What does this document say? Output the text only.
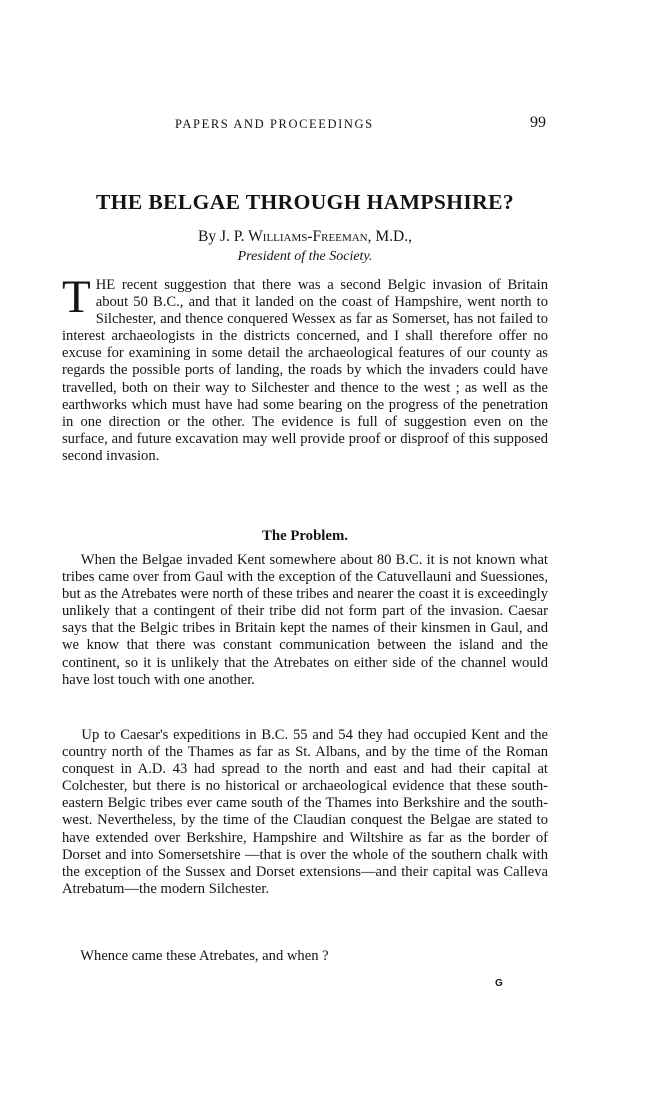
PAPERS AND PROCEEDINGS	99
THE BELGAE THROUGH HAMPSHIRE?
By J. P. Williams-Freeman, M.D.,
President of the Society.

THE recent suggestion that there was a second Belgic invasion of Britain about 50 B.C., and that it landed on the coast of Hampshire, went north to Silchester, and thence conquered Wessex as far as Somerset, has not failed to interest archaeologists in the districts concerned, and I shall therefore offer no excuse for examining in some detail the archaeological features of our county as regards the possible ports of landing, the roads by which the invaders could have travelled, both on their way to Silchester and thence to the west ; as well as the earthworks which must have had some bearing on the progress of the penetration in one direction or the other. The evidence is full of suggestion even on the surface, and future excavation may well provide proof or disproof of this supposed second invasion.

The Problem.

  When the Belgae invaded Kent somewhere about 80 B.C. it is not known what tribes came over from Gaul with the exception of the Catuvellauni and Suessiones, but as the Atrebates were north of these tribes and nearer the coast it is exceedingly unlikely that a contingent of their tribe did not form part of the invasion. Caesar says that the Belgic tribes in Britain kept the names of their kinsmen in Gaul, and we know that there was constant communication between the island and the continent, so it is unlikely that the Atrebates on either side of the channel would have lost touch with one another.

  Up to Caesar's expeditions in B.C. 55 and 54 they had occupied Kent and the country north of the Thames as far as St. Albans, and by the time of the Roman conquest in A.D. 43 had spread to the north and east and had their capital at Colchester, but there is no historical or archaeological evidence that these south-eastern Belgic tribes ever came south of the Thames into Berkshire and the south-west. Nevertheless, by the time of the Claudian conquest the Belgae are stated to have extended over Berkshire, Hampshire and Wiltshire as far as the border of Dorset and into Somersetshire —that is over the whole of the southern chalk with the exception of the Sussex and Dorset extensions—and their capital was Calleva Atrebatum—the modern Silchester.

  Whence came these Atrebates, and when ?

G
